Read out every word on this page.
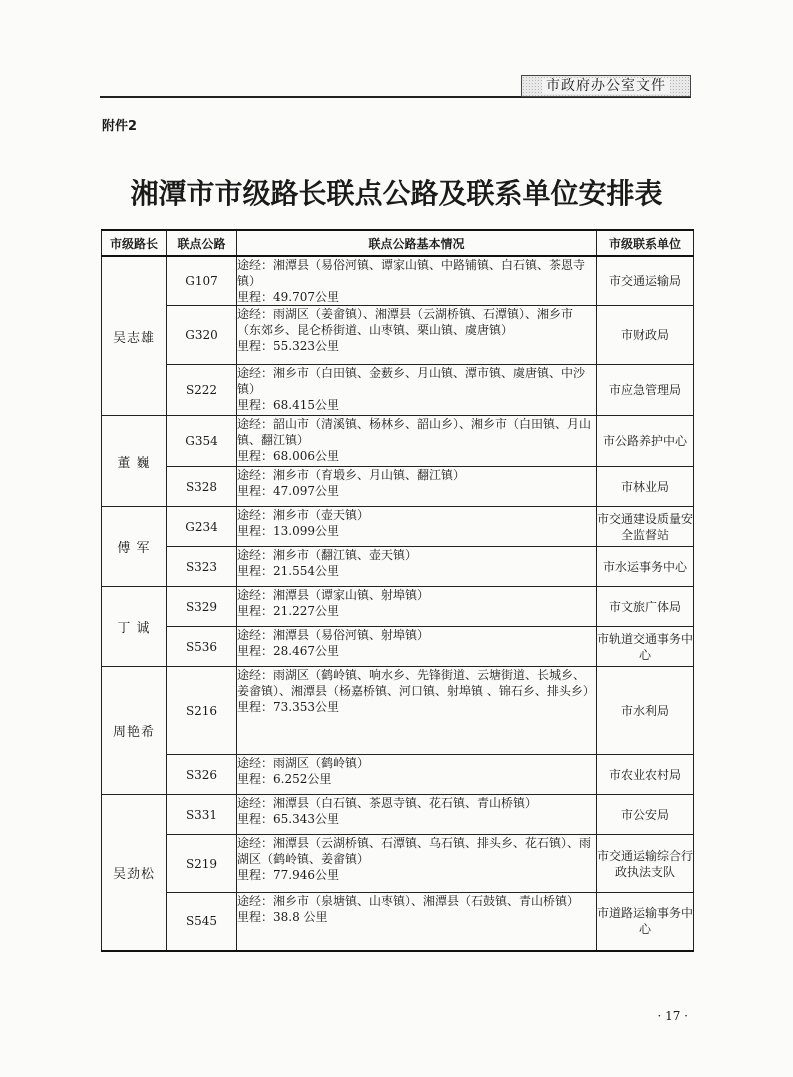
市政府办公室文件
附件2
湘潭市市级路长联点公路及联系单位安排表
市级路长	联点公路	联点公路基本情况	市级联系单位
吴志雄	G107	途经：湘潭县（易俗河镇、谭家山镇、中路铺镇、白石镇、茶恩寺镇）
里程：49.707公里	市交通运输局
	G320	途经：雨湖区（姜畲镇）、湘潭县（云湖桥镇、石潭镇）、湘乡市（东郊乡、昆仑桥街道、山枣镇、栗山镇、虞唐镇）
里程：55.323公里	市财政局
	S222	途经：湘乡市（白田镇、金薮乡、月山镇、潭市镇、虞唐镇、中沙镇）
里程：68.415公里	市应急管理局
董 巍	G354	途经：韶山市（清溪镇、杨林乡、韶山乡）、湘乡市（白田镇、月山镇、翻江镇）
里程：68.006公里	市公路养护中心
	S328	途经：湘乡市（育塅乡、月山镇、翻江镇）
里程：47.097公里	市林业局
傅 军	G234	途经：湘乡市（壶天镇）
里程：13.099公里	市交通建设质量安全监督站
	S323	途经：湘乡市（翻江镇、壶天镇）
里程：21.554公里	市水运事务中心
丁 诚	S329	途经：湘潭县（谭家山镇、射埠镇）
里程：21.227公里	市文旅广体局
	S536	途经：湘潭县（易俗河镇、射埠镇）
里程：28.467公里	市轨道交通事务中心
周艳希	S216	途经：雨湖区（鹤岭镇、响水乡、先锋街道、云塘街道、长城乡、姜畲镇）、湘潭县（杨嘉桥镇、河口镇、射埠镇 、锦石乡、排头乡）
里程：73.353公里	市水利局
	S326	途经：雨湖区（鹤岭镇）
里程：6.252公里	市农业农村局
吴劲松	S331	途经：湘潭县（白石镇、茶恩寺镇、花石镇、青山桥镇）
里程：65.343公里	市公安局
	S219	途经：湘潭县（云湖桥镇、石潭镇、乌石镇、排头乡、花石镇）、雨湖区（鹤岭镇、姜畲镇）
里程：77.946公里	市交通运输综合行政执法支队
	S545	途经：湘乡市（泉塘镇、山枣镇）、湘潭县（石鼓镇、青山桥镇）
里程：38.8 公里	市道路运输事务中心
· 17 ·
